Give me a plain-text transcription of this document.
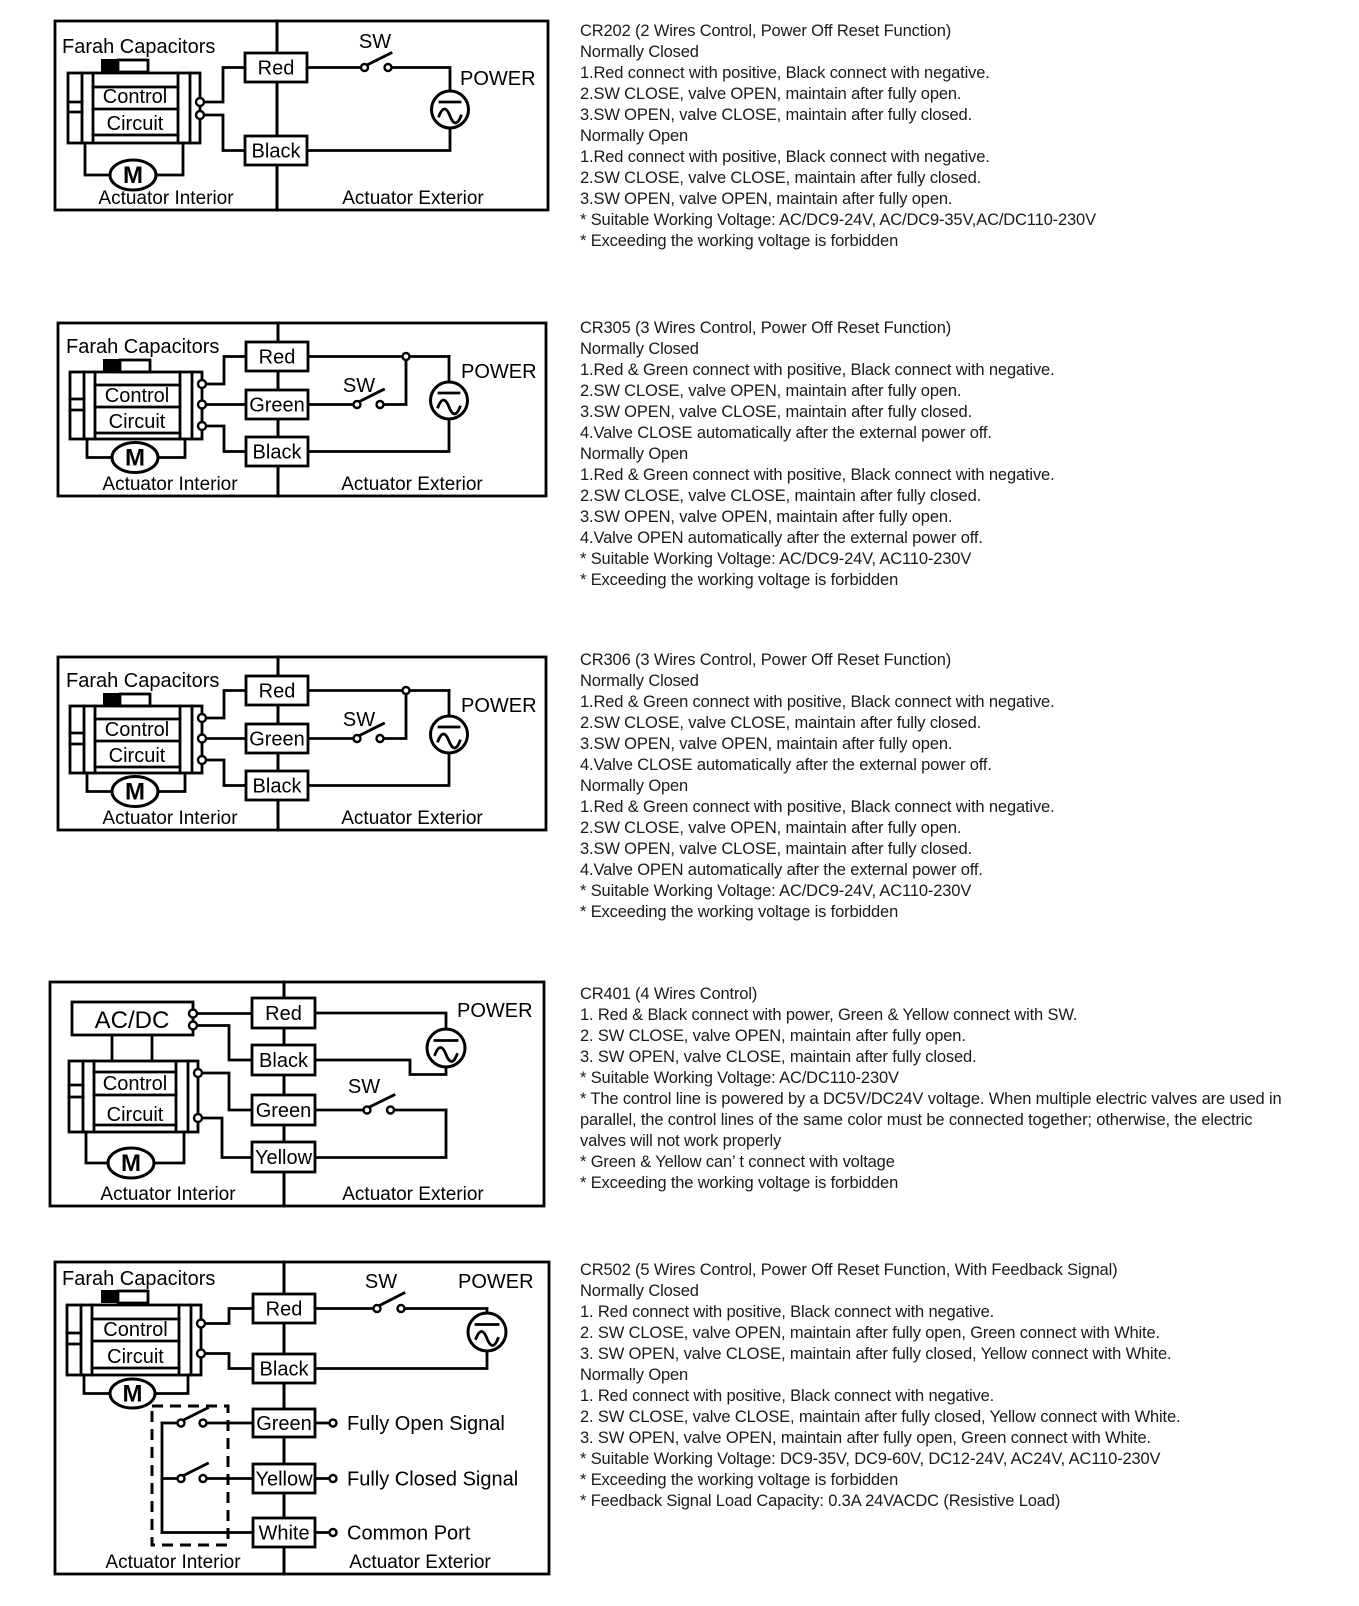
Farah Capacitors
Control
Circuit
M
SW
POWER
Red
Black
Actuator Interior	Actuator Exterior
CR202 (2 Wires Control, Power Off Reset Function)
Normally Closed
1.Red connect with positive, Black connect with negative.
2.SW CLOSE, valve OPEN, maintain after fully open.
3.SW OPEN, valve CLOSE, maintain after fully closed.
Normally Open
1.Red connect with positive, Black connect with negative.
2.SW CLOSE, valve CLOSE, maintain after fully closed.
3.SW OPEN, valve OPEN, maintain after fully open.
* Suitable Working Voltage: AC/DC9-24V, AC/DC9-35V,AC/DC110-230V
* Exceeding the working voltage is forbidden
Farah Capacitors
Control
Circuit
M
SW
POWER
Red
Green
Black
Actuator Interior	Actuator Exterior
CR305 (3 Wires Control, Power Off Reset Function)
Normally Closed
1.Red & Green connect with positive, Black connect with negative.
2.SW CLOSE, valve OPEN, maintain after fully open.
3.SW OPEN, valve CLOSE, maintain after fully closed.
4.Valve CLOSE automatically after the external power off.
Normally Open
1.Red & Green connect with positive, Black connect with negative.
2.SW CLOSE, valve CLOSE, maintain after fully closed.
3.SW OPEN, valve OPEN, maintain after fully open.
4.Valve OPEN automatically after the external power off.
* Suitable Working Voltage: AC/DC9-24V, AC110-230V
* Exceeding the working voltage is forbidden
CR306 (3 Wires Control, Power Off Reset Function)
Normally Closed
1.Red & Green connect with positive, Black connect with negative.
2.SW CLOSE, valve CLOSE, maintain after fully closed.
3.SW OPEN, valve OPEN, maintain after fully open.
4.Valve CLOSE automatically after the external power off.
Normally Open
1.Red & Green connect with positive, Black connect with negative.
2.SW CLOSE, valve OPEN, maintain after fully open.
3.SW OPEN, valve CLOSE, maintain after fully closed.
4.Valve OPEN automatically after the external power off.
* Suitable Working Voltage: AC/DC9-24V, AC110-230V
* Exceeding the working voltage is forbidden
AC/DC
Control
Circuit
M
SW
POWER
Red
Black
Green
Yellow
Actuator Interior	Actuator Exterior
CR401 (4 Wires Control)
1. Red & Black connect with power, Green & Yellow connect with SW.
2. SW CLOSE, valve OPEN, maintain after fully open.
3. SW OPEN, valve CLOSE, maintain after fully closed.
* Suitable Working Voltage: AC/DC110-230V
* The control line is powered by a DC5V/DC24V voltage. When multiple electric valves are used in
parallel, the control lines of the same color must be connected together; otherwise, the electric
valves will not work properly
* Green & Yellow can’ t connect with voltage
* Exceeding the working voltage is forbidden
Farah Capacitors
Control
Circuit
M
SW	POWER
Red
Black
Green
Yellow
White
Fully Open Signal
Fully Closed Signal
Common Port
Actuator Interior	Actuator Exterior
CR502 (5 Wires Control, Power Off Reset Function, With Feedback Signal)
Normally Closed
1. Red connect with positive, Black connect with negative.
2. SW CLOSE, valve OPEN, maintain after fully open, Green connect with White.
3. SW OPEN, valve CLOSE, maintain after fully closed, Yellow connect with White.
Normally Open
1. Red connect with positive, Black connect with negative.
2. SW CLOSE, valve CLOSE, maintain after fully closed, Yellow connect with White.
3. SW OPEN, valve OPEN, maintain after fully open, Green connect with White.
* Suitable Working Voltage: DC9-35V, DC9-60V, DC12-24V, AC24V, AC110-230V
* Exceeding the working voltage is forbidden
* Feedback Signal Load Capacity: 0.3A 24VACDC (Resistive Load)
